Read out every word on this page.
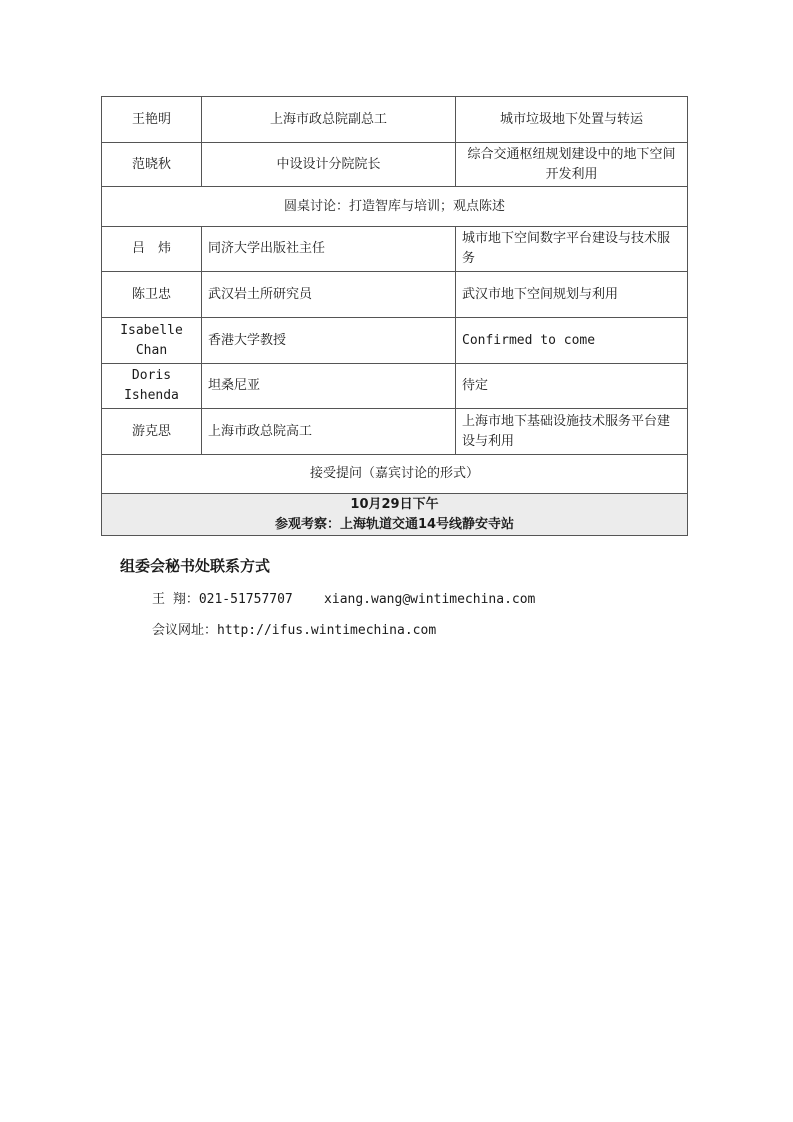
王艳明	上海市政总院副总工	城市垃圾地下处置与转运
范晓秋	中设设计分院院长	综合交通枢纽规划建设中的地下空间开发利用
圆桌讨论：打造智库与培训；观点陈述		
吕　炜	同济大学出版社主任	城市地下空间数字平台建设与技术服务
陈卫忠	武汉岩土所研究员	武汉市地下空间规划与利用
Isabelle Chan	香港大学教授	Confirmed to come
Doris Ishenda	坦桑尼亚	待定
游克思	上海市政总院高工	上海市地下基础设施技术服务平台建设与利用
接受提问（嘉宾讨论的形式）		

10月29日下午
参观考察：上海轨道交通14号线静安寺站		
组委会秘书处联系方式
王 翔：021-51757707    xiang.wang@wintimechina.com
会议网址：http://ifus.wintimechina.com
